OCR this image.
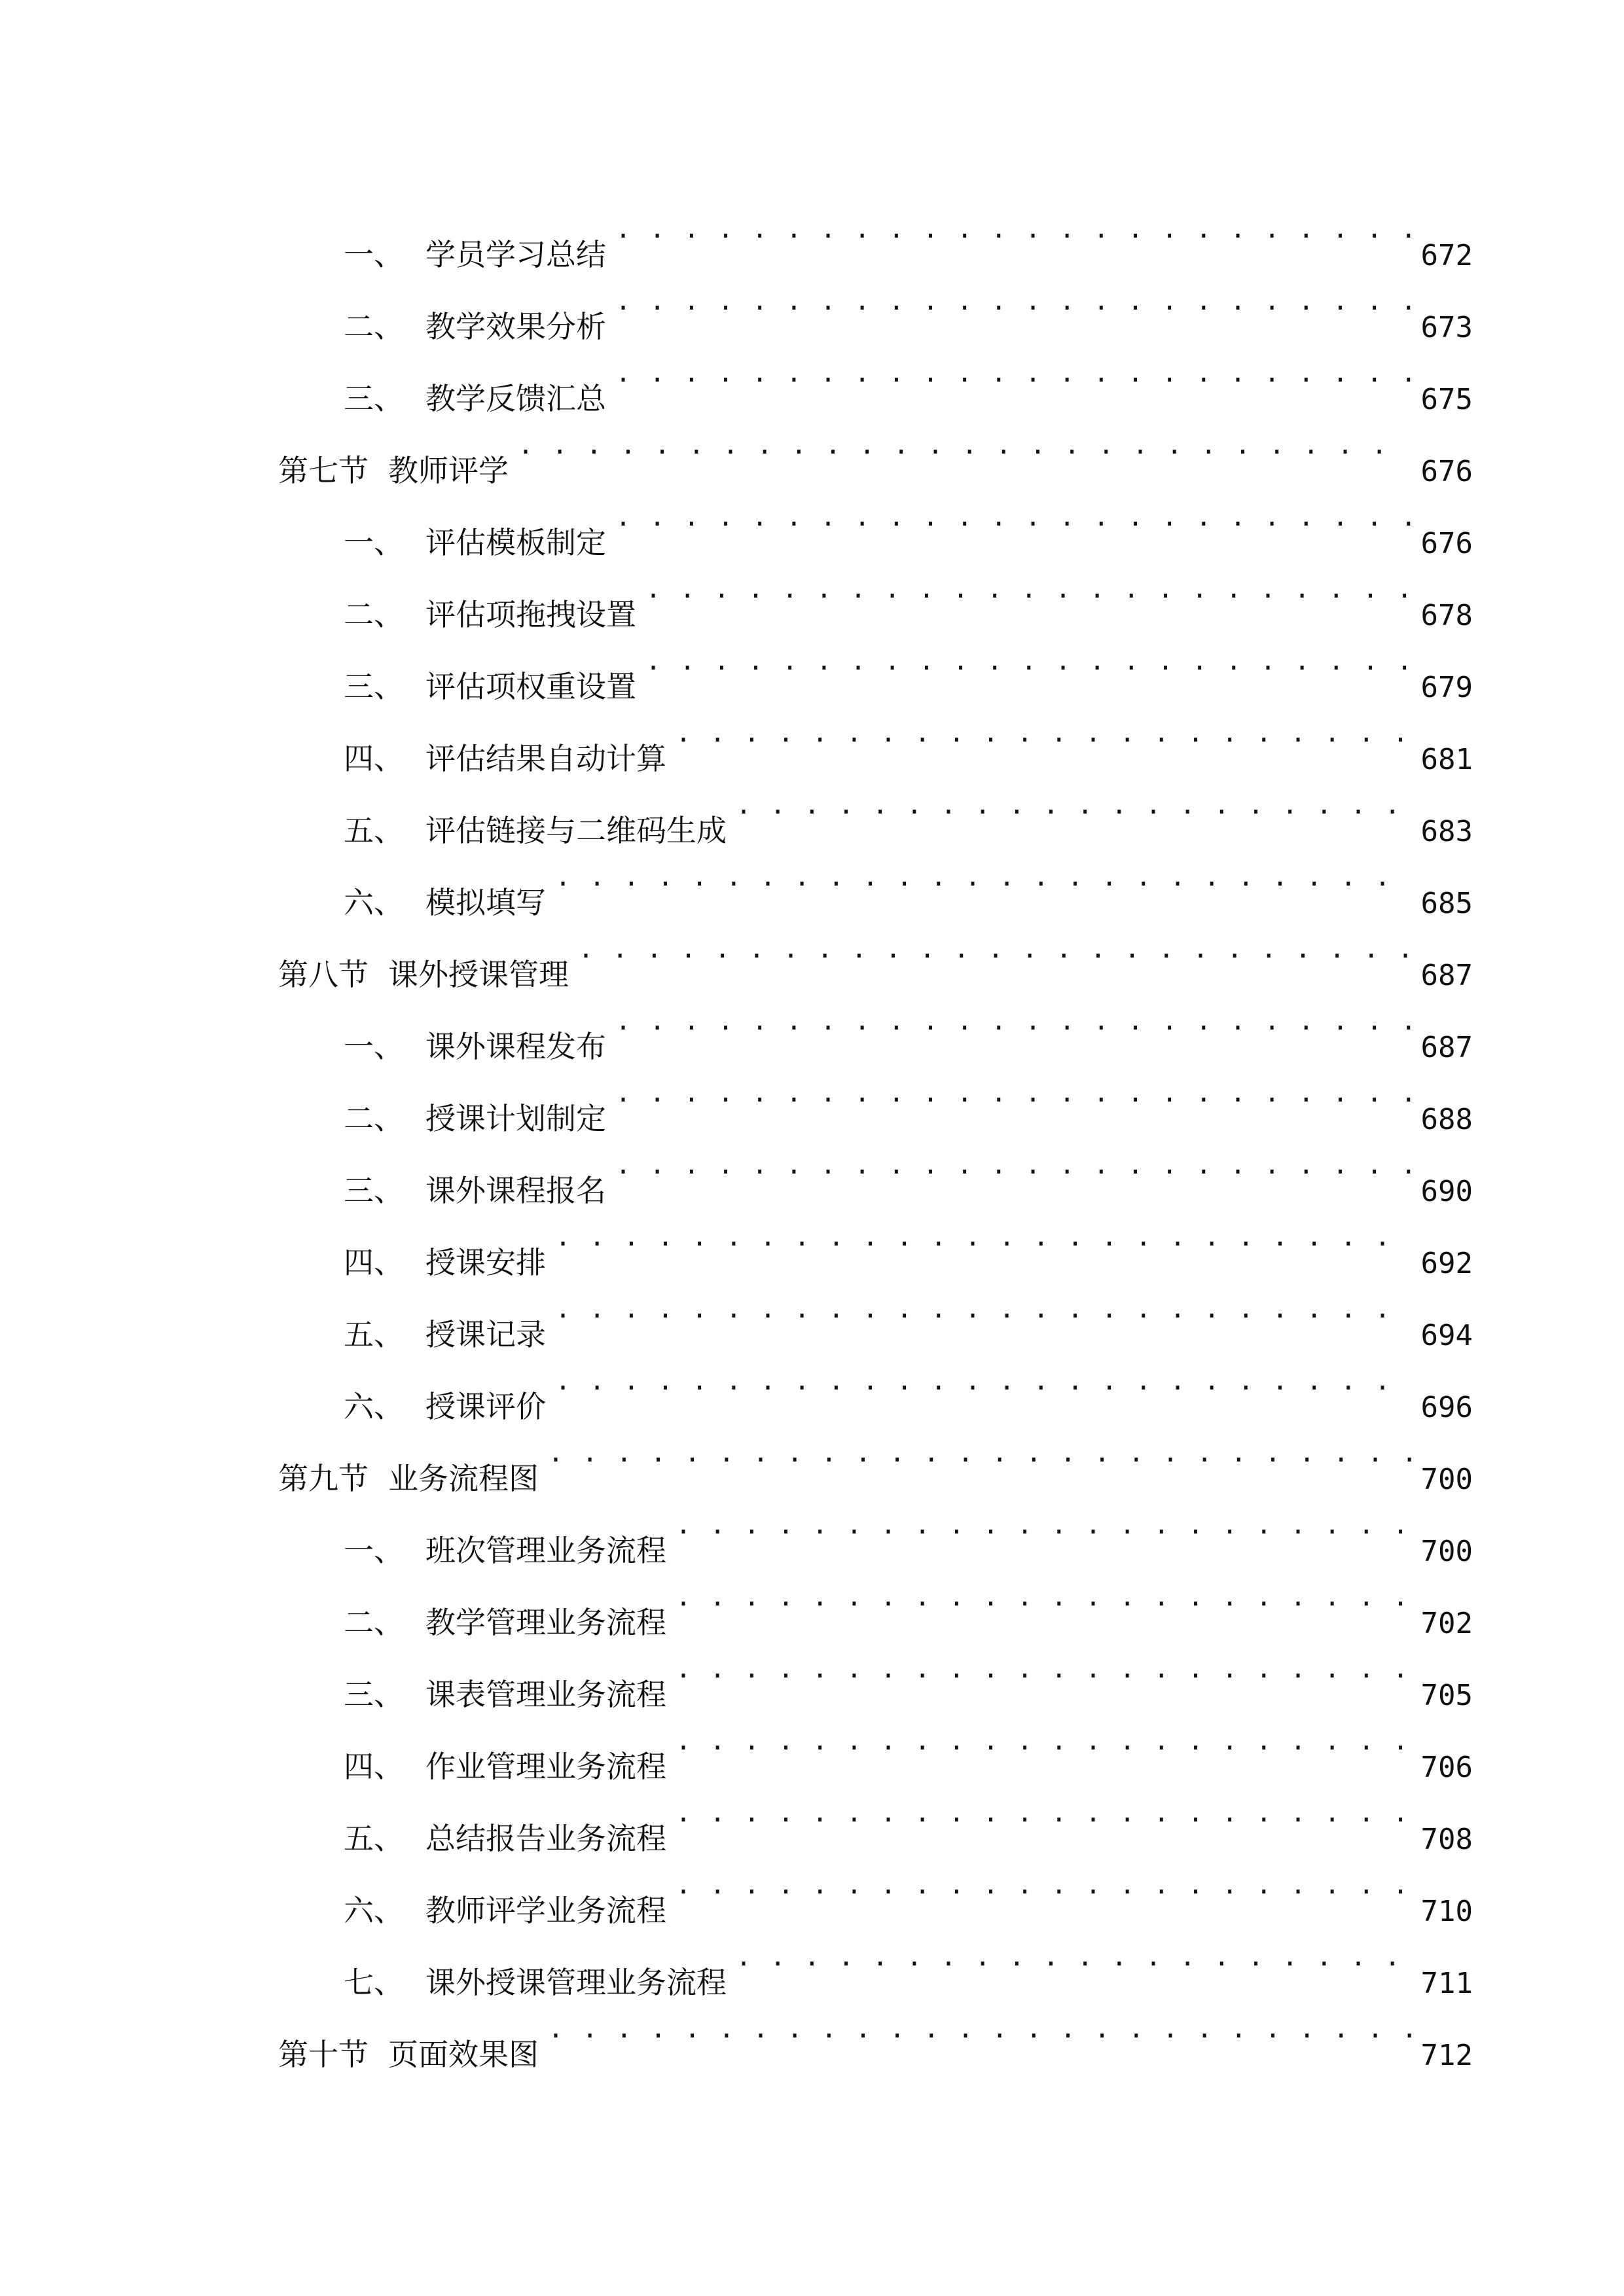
一、 学员学习总结 . . .	672
二、 教学效果分析 . . .	673
三、 教学反馈汇总 . . .	675
第七节 教师评学 . . .	676
一、 评估模板制定 . . .	676
二、 评估项拖拽设置 . . .	678
三、 评估项权重设置 . . .	679
四、 评估结果自动计算 . . .	681
五、 评估链接与二维码生成 . . .	683
六、 模拟填写 . . .	685
第八节 课外授课管理 . . .	687
一、 课外课程发布 . . .	687
二、 授课计划制定 . . .	688
三、 课外课程报名 . . .	690
四、 授课安排 . . .	692
五、 授课记录 . . .	694
六、 授课评价 . . .	696
第九节 业务流程图 . . .	700
一、 班次管理业务流程 . . .	700
二、 教学管理业务流程 . . .	702
三、 课表管理业务流程 . . .	705
四、 作业管理业务流程 . . .	706
五、 总结报告业务流程 . . .	708
六、 教师评学业务流程 . . .	710
七、 课外授课管理业务流程 . . .	711
第十节 页面效果图 . . .	712
